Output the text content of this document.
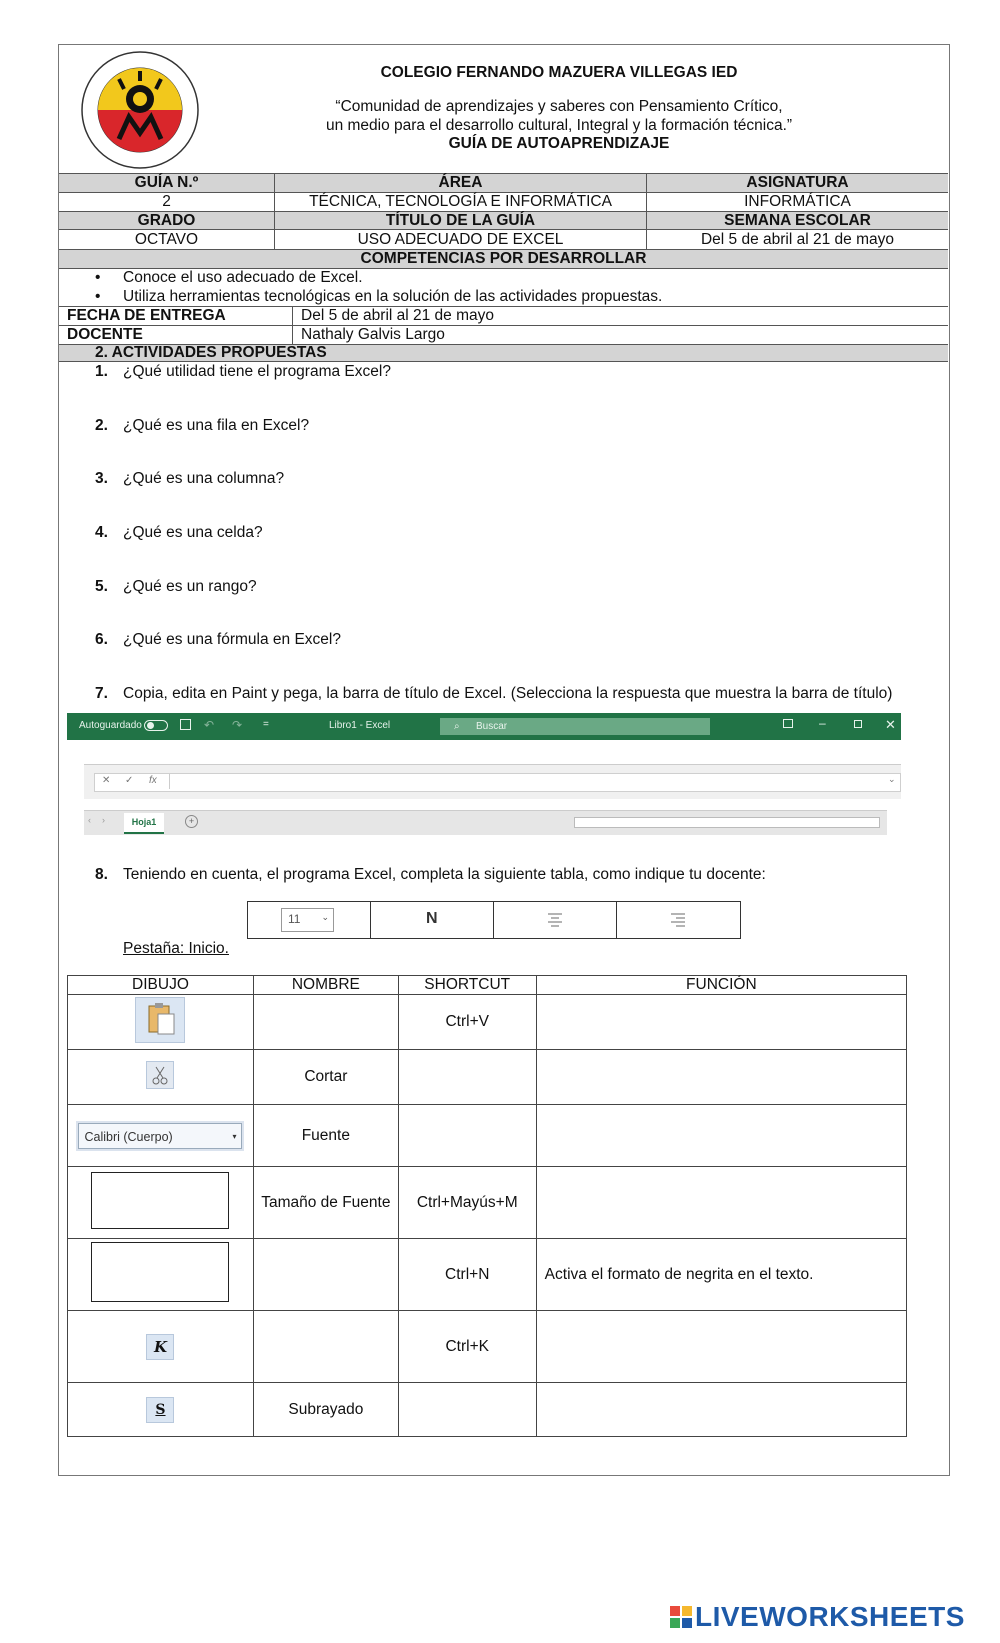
COLEGIO FERNANDO MAZUERA VILLEGAS IED
“Comunidad de aprendizajes y saberes con Pensamiento Crítico,
un medio para el desarrollo cultural, Integral y la formación técnica.”
GUÍA DE AUTOAPRENDIZAJE
GUÍA N.º	ÁREA	ASIGNATURA
2	TÉCNICA, TECNOLOGÍA E INFORMÁTICA	INFORMÁTICA
GRADO	TÍTULO DE LA GUÍA	SEMANA ESCOLAR
OCTAVO	USO ADECUADO DE EXCEL	Del 5 de abril al 21 de mayo
COMPETENCIAS POR DESARROLLAR
• Conoce el uso adecuado de Excel.
• Utiliza herramientas tecnológicas en la solución de las actividades propuestas.
FECHA DE ENTREGA	Del 5 de abril al 21 de mayo
DOCENTE	Nathaly Galvis Largo
2. ACTIVIDADES PROPUESTAS
1. ¿Qué utilidad tiene el programa Excel?
2. ¿Qué es una fila en Excel?
3. ¿Qué es una columna?
4. ¿Qué es una celda?
5. ¿Qué es un rango?
6. ¿Qué es una fórmula en Excel?
7. Copia, edita en Paint y pega, la barra de título de Excel. (Selecciona la respuesta que muestra la barra de título)
Autoguardado	↶ ↷ =	Libro1 - Excel	⌕ Buscar	–	✕
✕ ✓ fx	⌄
‹ ›	Hoja1	+
8. Teniendo en cuenta, el programa Excel, completa la siguiente tabla, como indique tu docente:
11 ⌄	N
Pestaña: Inicio.
DIBUJO	NOMBRE	SHORTCUT	FUNCIÓN
		Ctrl+V	
	Cortar		
Calibri (Cuerpo) ▾	Fuente		
	Tamaño de Fuente	Ctrl+Mayús+M	
		Ctrl+N	Activa el formato de negrita en el texto.
K		Ctrl+K	
S	Subrayado		
LIVEWORKSHEETS
